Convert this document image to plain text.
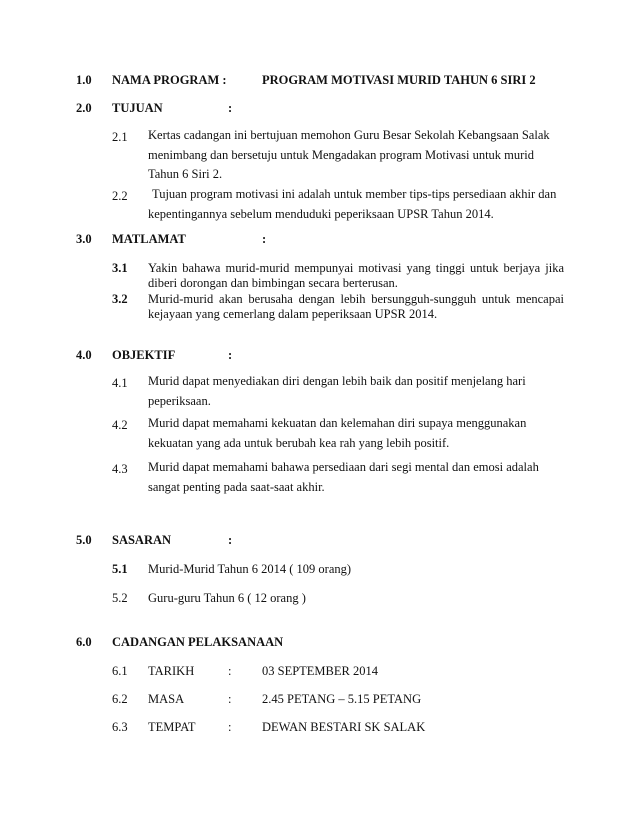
1.0 NAMA PROGRAM :	PROGRAM MOTIVASI MURID TAHUN 6 SIRI 2
2.0 TUJUAN	:
2.1 Kertas cadangan ini bertujuan memohon Guru Besar Sekolah Kebangsaan Salak menimbang dan bersetuju untuk Mengadakan program Motivasi untuk murid Tahun 6 Siri 2.
2.2	Tujuan program motivasi ini adalah untuk member tips-tips persediaan akhir dan kepentingannya sebelum menduduki peperiksaan UPSR Tahun 2014.
3.0 MATLAMAT	:
3.1 Yakin bahawa murid-murid mempunyai motivasi yang tinggi untuk berjaya jika diberi dorongan dan bimbingan secara berterusan.
3.2 Murid-murid akan berusaha dengan lebih bersungguh-sungguh untuk mencapai kejayaan yang cemerlang dalam peperiksaan UPSR 2014.
4.0 OBJEKTIF	:
4.1 Murid dapat menyediakan diri dengan lebih baik dan positif menjelang hari peperiksaan.
4.2 Murid dapat memahami kekuatan dan kelemahan diri supaya menggunakan kekuatan yang ada untuk berubah kea rah yang lebih positif.
4.3 Murid dapat memahami bahawa persediaan dari segi mental dan emosi adalah sangat penting pada saat-saat akhir.
5.0 SASARAN	:
5.1 Murid-Murid Tahun 6 2014 ( 109 orang)
5.2 Guru-guru Tahun 6 ( 12 orang )
6.0 CADANGAN PELAKSANAAN
6.1 TARIKH	: 03 SEPTEMBER 2014
6.2 MASA	: 2.45 PETANG – 5.15 PETANG
6.3 TEMPAT	: DEWAN BESTARI SK SALAK
